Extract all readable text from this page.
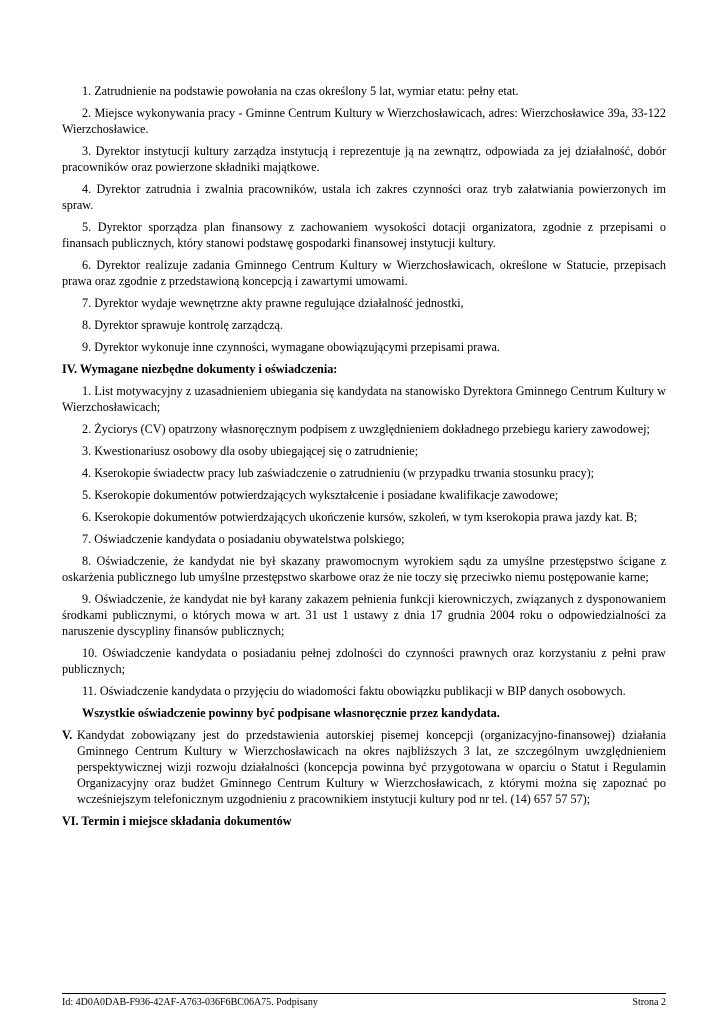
1. Zatrudnienie na podstawie powołania na czas określony 5 lat, wymiar etatu: pełny etat.
2. Miejsce wykonywania pracy - Gminne Centrum Kultury w Wierzchosławicach, adres: Wierzchosławice 39a, 33-122 Wierzchosławice.
3. Dyrektor instytucji kultury zarządza instytucją i reprezentuje ją na zewnątrz, odpowiada za jej działalność, dobór pracowników oraz powierzone składniki majątkowe.
4. Dyrektor zatrudnia i zwalnia pracowników, ustala ich zakres czynności oraz tryb załatwiania powierzonych im spraw.
5. Dyrektor sporządza plan finansowy z zachowaniem wysokości dotacji organizatora, zgodnie z przepisami o finansach publicznych, który stanowi podstawę gospodarki finansowej instytucji kultury.
6. Dyrektor realizuje zadania Gminnego Centrum Kultury w Wierzchosławicach, określone w Statucie, przepisach prawa oraz zgodnie z przedstawioną koncepcją i zawartymi umowami.
7. Dyrektor wydaje wewnętrzne akty prawne regulujące działalność jednostki,
8. Dyrektor sprawuje kontrolę zarządczą.
9. Dyrektor wykonuje inne czynności, wymagane obowiązującymi przepisami prawa.
IV. Wymagane niezbędne dokumenty i oświadczenia:
1. List motywacyjny z uzasadnieniem ubiegania się kandydata na stanowisko Dyrektora Gminnego Centrum Kultury w Wierzchosławicach;
2. Życiorys (CV) opatrzony własnoręcznym podpisem z uwzględnieniem dokładnego przebiegu kariery zawodowej;
3. Kwestionariusz osobowy dla osoby ubiegającej się o zatrudnienie;
4. Kserokopie świadectw pracy lub zaświadczenie o zatrudnieniu (w przypadku trwania stosunku pracy);
5. Kserokopie dokumentów potwierdzających wykształcenie i posiadane kwalifikacje zawodowe;
6. Kserokopie dokumentów potwierdzających ukończenie kursów, szkoleń, w tym kserokopia prawa jazdy kat. B;
7. Oświadczenie kandydata o posiadaniu obywatelstwa polskiego;
8. Oświadczenie, że kandydat nie był skazany prawomocnym wyrokiem sądu za umyślne przestępstwo ścigane z oskarżenia publicznego lub umyślne przestępstwo skarbowe oraz że nie toczy się przeciwko niemu postępowanie karne;
9. Oświadczenie, że kandydat nie był karany zakazem pełnienia funkcji kierowniczych, związanych z dysponowaniem środkami publicznymi, o których mowa w art. 31 ust 1 ustawy z dnia 17 grudnia 2004 roku o odpowiedzialności za naruszenie dyscypliny finansów publicznych;
10. Oświadczenie kandydata o posiadaniu pełnej zdolności do czynności prawnych oraz korzystaniu z pełni praw publicznych;
11. Oświadczenie kandydata o przyjęciu do wiadomości faktu obowiązku publikacji w BIP danych osobowych.
Wszystkie oświadczenie powinny być podpisane własnoręcznie przez kandydata.
V. Kandydat zobowiązany jest do przedstawienia autorskiej pisemej koncepcji (organizacyjno-finansowej) działania Gminnego Centrum Kultury w Wierzchosławicach na okres najbliższych 3 lat, ze szczególnym uwzględnieniem perspektywicznej wizji rozwoju działalności (koncepcja powinna być przygotowana w oparciu o Statut i Regulamin Organizacyjny oraz budżet Gminnego Centrum Kultury w Wierzchosławicach, z którymi można się zapoznać po wcześniejszym telefonicznym uzgodnieniu z pracownikiem instytucji kultury pod nr tel. (14) 657 57 57);
VI. Termin i miejsce składania dokumentów
Id: 4D0A0DAB-F936-42AF-A763-036F6BC06A75. Podpisany	Strona 2
